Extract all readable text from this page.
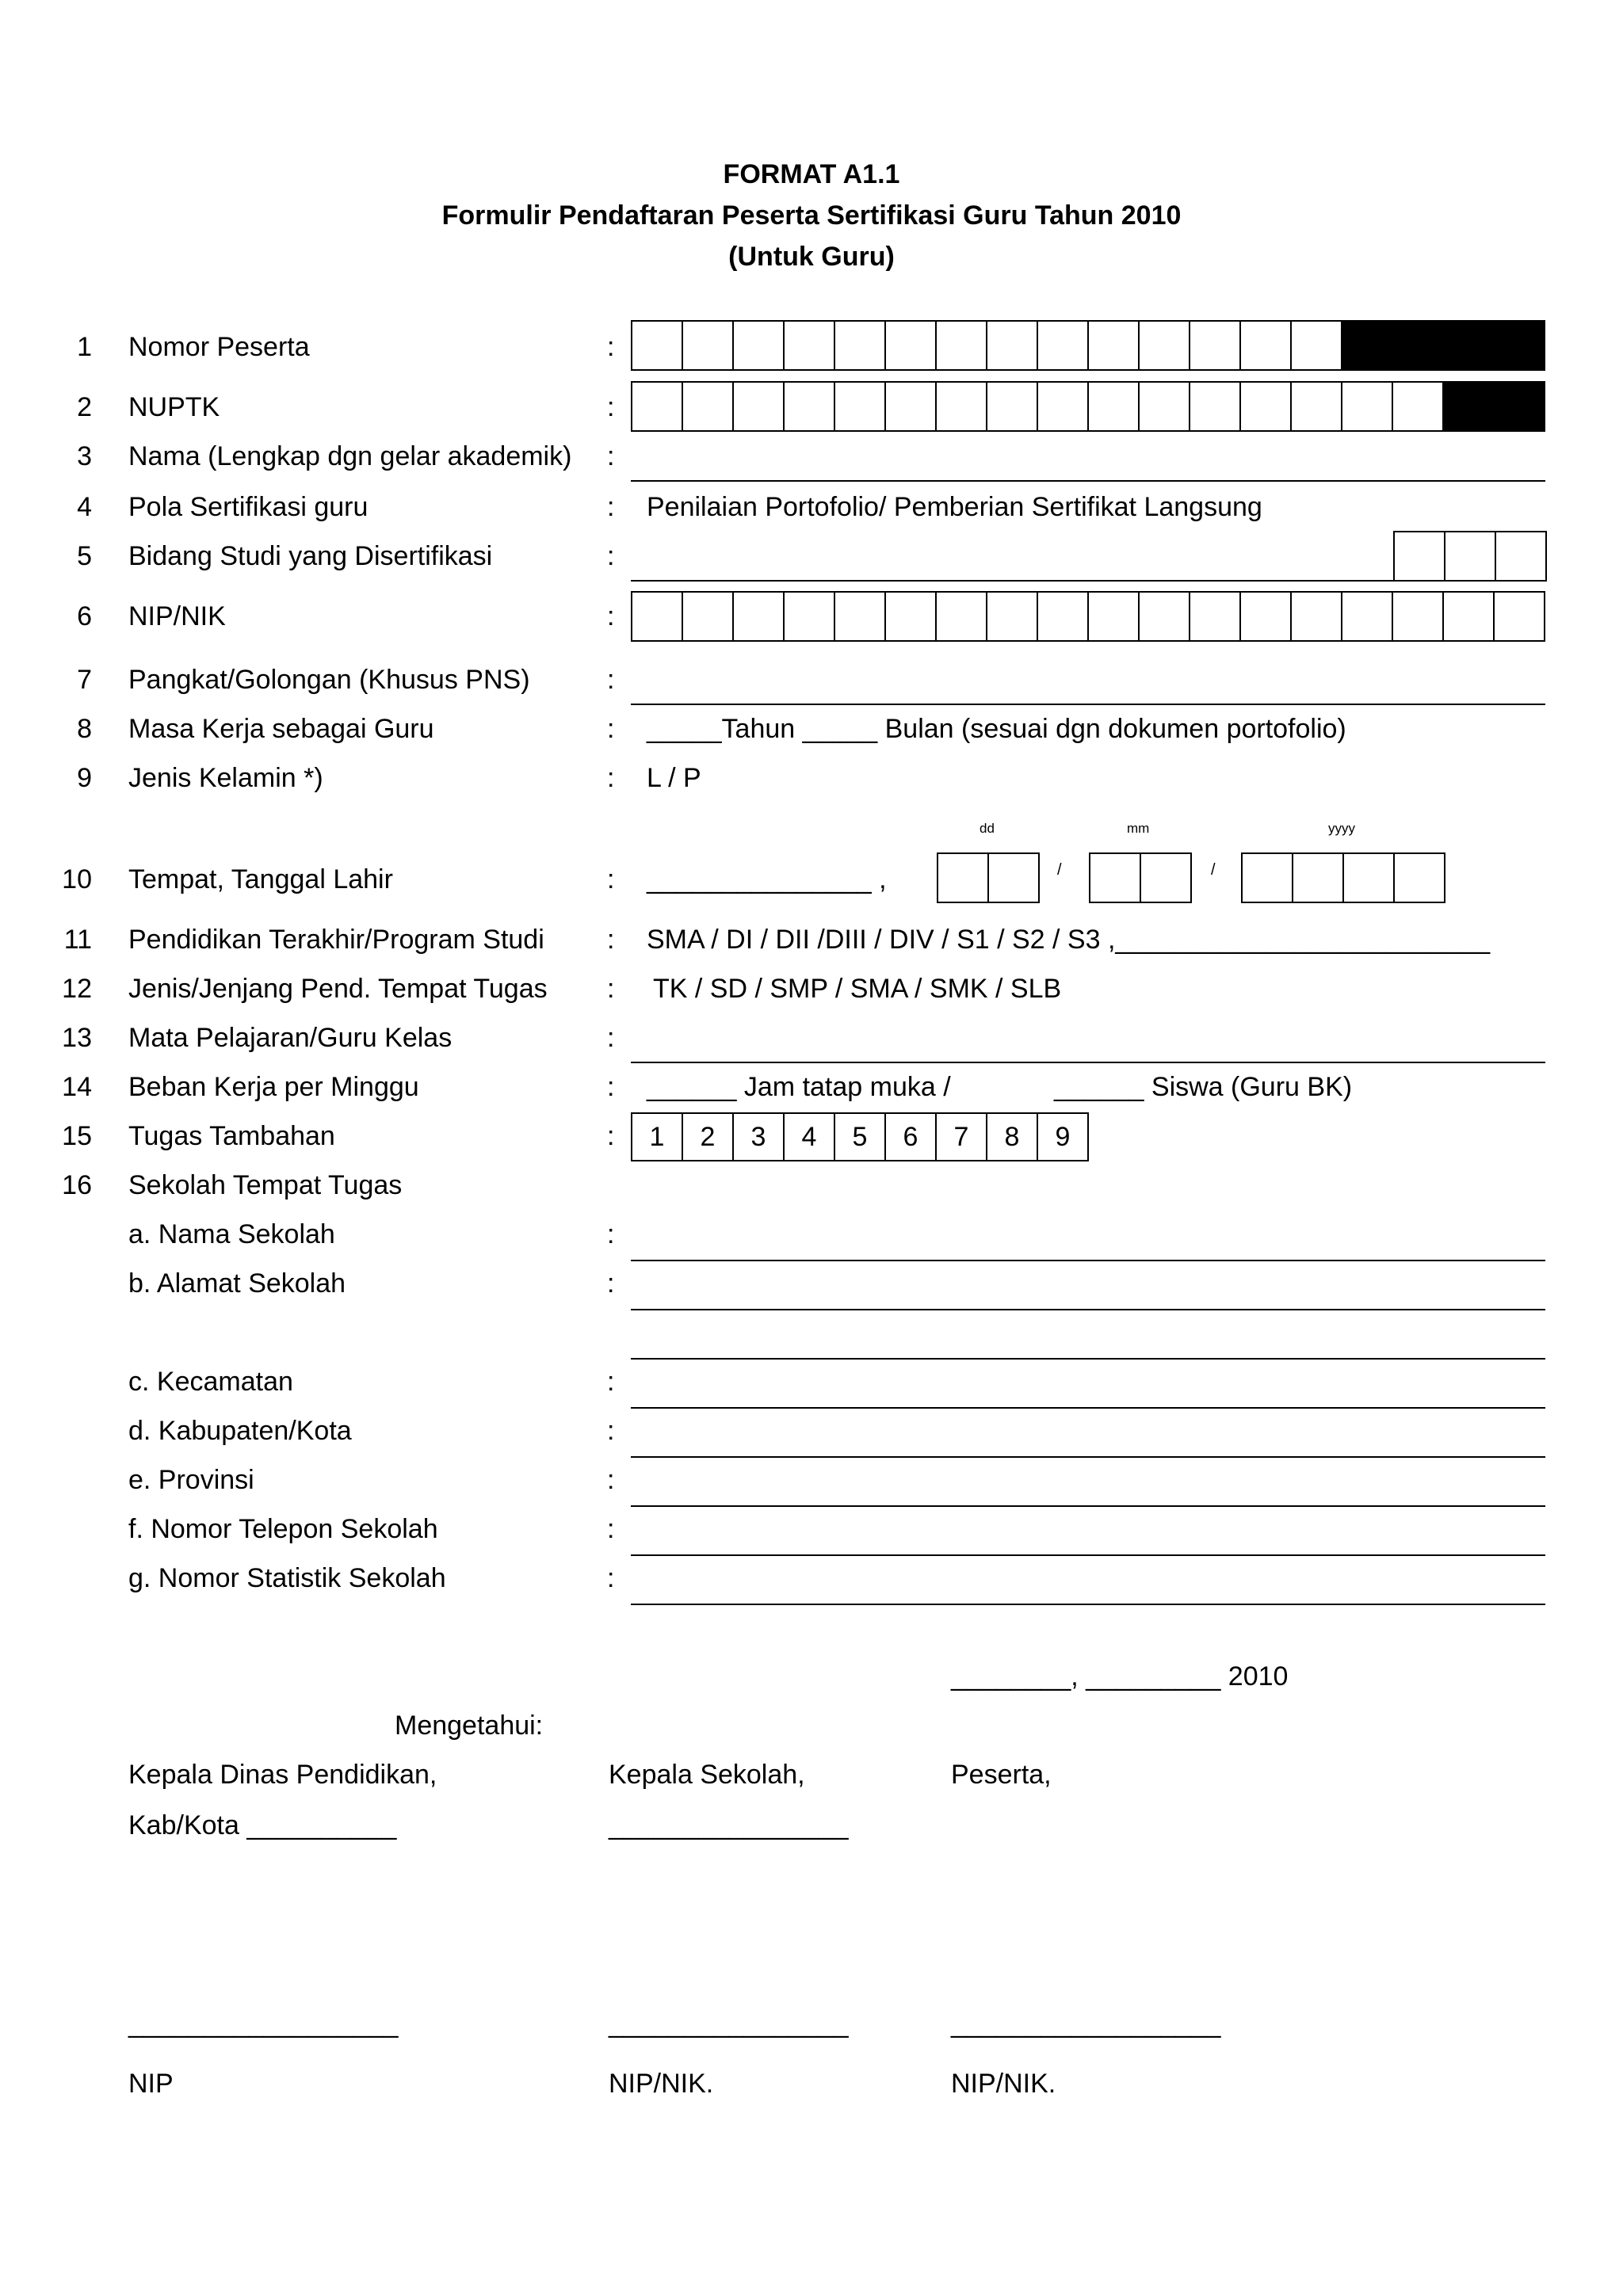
FORMAT A1.1
Formulir Pendaftaran Peserta Sertifikasi Guru Tahun 2010
(Untuk Guru)
1 Nomor Peserta	:
2 NUPTK	:
3 Nama (Lengkap dgn gelar akademik) :
4 Pola Sertifikasi guru	: Penilaian Portofolio/ Pemberian Sertifikat Langsung
5 Bidang Studi yang Disertifikasi	:
6 NIP/NIK	:
7 Pangkat/Golongan (Khusus PNS)	:
8 Masa Kerja sebagai Guru	: _____Tahun _____ Bulan (sesuai dgn dokumen portofolio)
9 Jenis Kelamin *)	: L / P
dd	mm	yyyy
10 Tempat, Tanggal Lahir	: _______________ ,	/	/
11 Pendidikan Terakhir/Program Studi : SMA / DI / DII /DIII / DIV / S1 / S2 / S3 ,_________________________
12 Jenis/Jenjang Pend. Tempat Tugas : TK / SD / SMP / SMA / SMK / SLB
13 Mata Pelajaran/Guru Kelas	:
14 Beban Kerja per Minggu	: ______ Jam tatap muka /	______ Siswa (Guru BK)
15 Tugas Tambahan	:	1	2	3	4	5	6	7	8	9
16 Sekolah Tempat Tugas
a. Nama Sekolah	:
b. Alamat Sekolah	:
c. Kecamatan	:
d. Kabupaten/Kota	:
e. Provinsi	:
f. Nomor Telepon Sekolah	:
g. Nomor Statistik Sekolah	:
________, _________ 2010
Mengetahui:
Kepala Dinas Pendidikan,	Kepala Sekolah,	Peserta,
Kab/Kota __________	________________
__________________	________________	__________________
NIP	NIP/NIK.	NIP/NIK.
